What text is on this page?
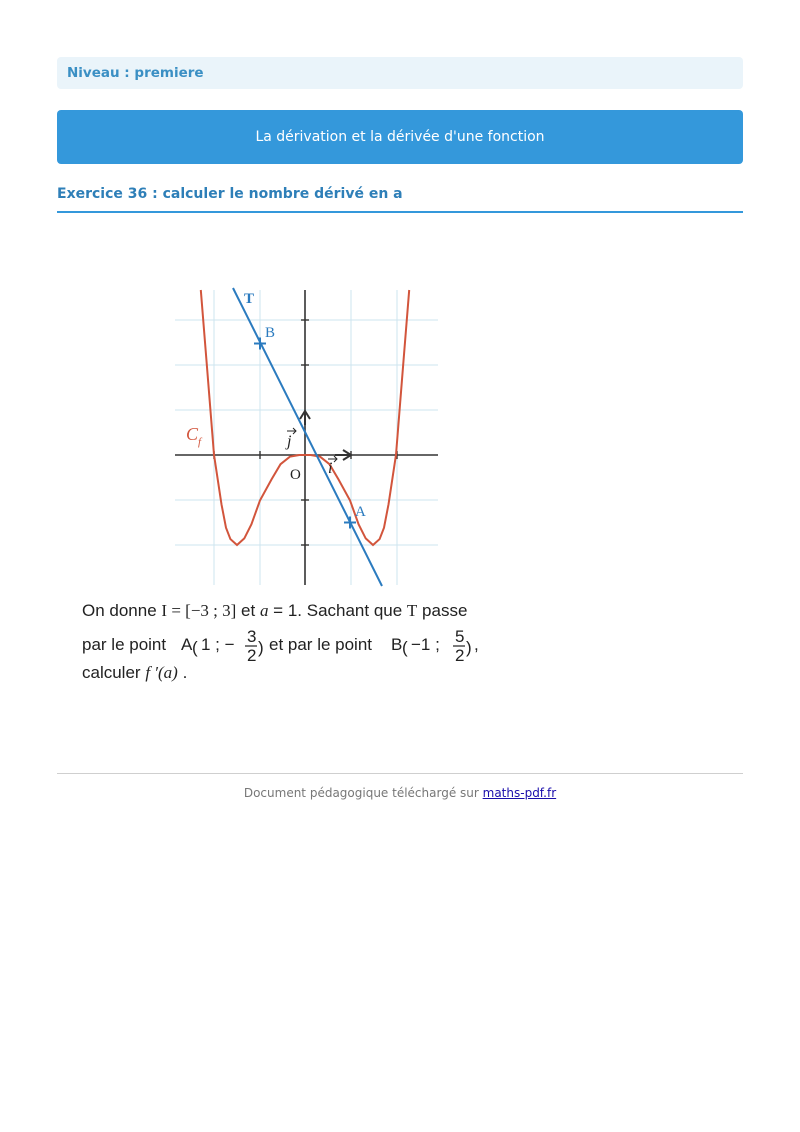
Niveau : premiere
La dérivation et la dérivée d'une fonction
Exercice 36 : calculer le nombre dérivé en a
T
B
A
C f
O
j
i
On donne I = [−3 ; 3] et a = 1. Sachant que T passe
par le point A ( 1 ; − 3
2 ) et par le point B ( −1 ; 5
2 ) ,
calculer f ′(a) .
Document pédagogique téléchargé sur maths-pdf.fr
